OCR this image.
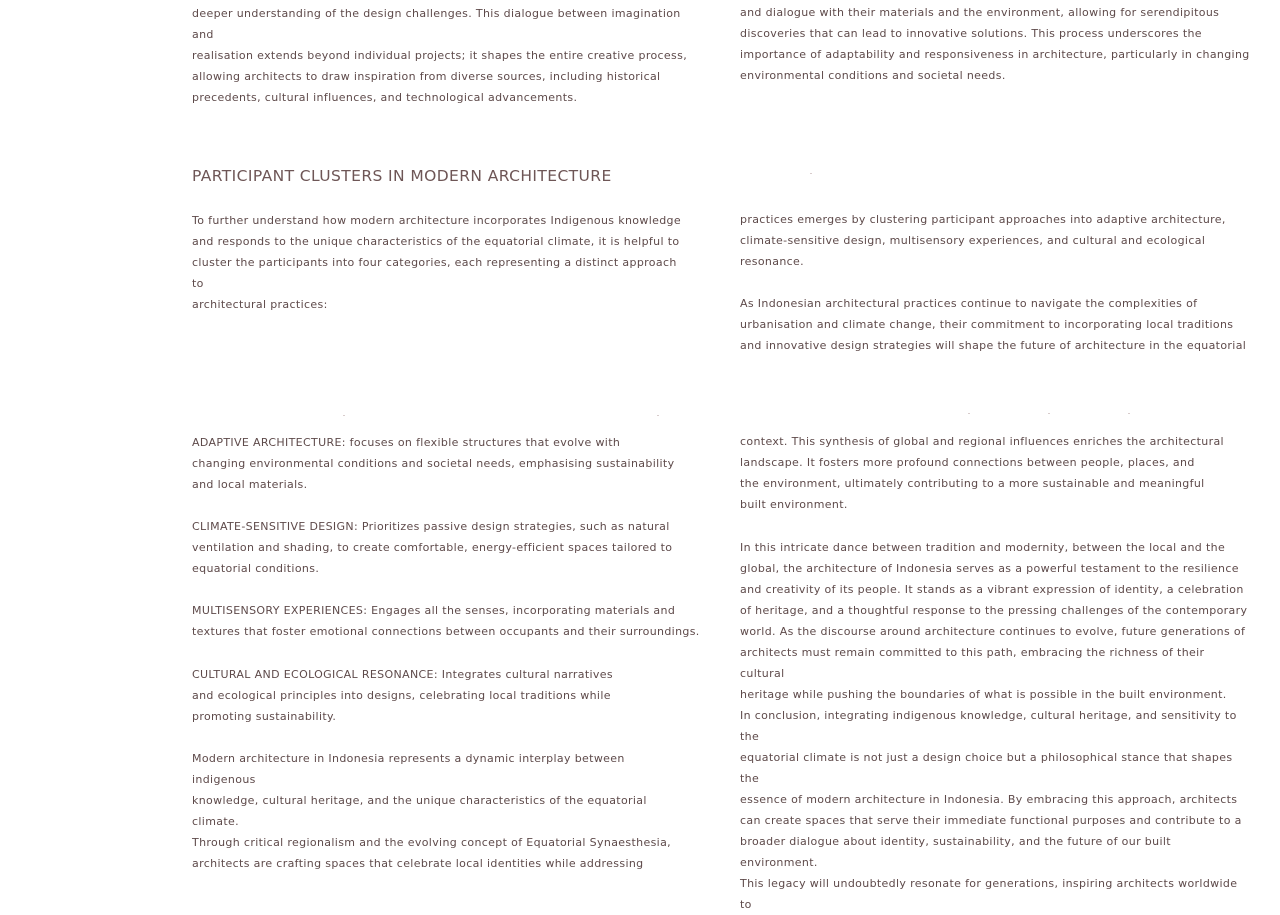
deeper understanding of the design challenges. This dialogue between imagination and
realisation extends beyond individual projects; it shapes the entire creative process,
allowing architects to draw inspiration from diverse sources, including historical
precedents, cultural influences, and technological advancements.

and dialogue with their materials and the environment, allowing for serendipitous
discoveries that can lead to innovative solutions. This process underscores the
importance of adaptability and responsiveness in architecture, particularly in changing
environmental conditions and societal needs.

PARTICIPANT CLUSTERS IN MODERN ARCHITECTURE

To further understand how modern architecture incorporates Indigenous knowledge
and responds to the unique characteristics of the equatorial climate, it is helpful to
cluster the participants into four categories, each representing a distinct approach to
architectural practices:

practices emerges by clustering participant approaches into adaptive architecture,
climate-sensitive design, multisensory experiences, and cultural and ecological
resonance.

As Indonesian architectural practices continue to navigate the complexities of
urbanisation and climate change, their commitment to incorporating local traditions
and innovative design strategies will shape the future of architecture in the equatorial

ADAPTIVE ARCHITECTURE: focuses on flexible structures that evolve with
changing environmental conditions and societal needs, emphasising sustainability
and local materials.

CLIMATE-SENSITIVE DESIGN: Prioritizes passive design strategies, such as natural
ventilation and shading, to create comfortable, energy-efficient spaces tailored to
equatorial conditions.

MULTISENSORY EXPERIENCES: Engages all the senses, incorporating materials and
textures that foster emotional connections between occupants and their surroundings.

CULTURAL AND ECOLOGICAL RESONANCE: Integrates cultural narratives
and ecological principles into designs, celebrating local traditions while
promoting sustainability.

Modern architecture in Indonesia represents a dynamic interplay between indigenous
knowledge, cultural heritage, and the unique characteristics of the equatorial climate.
Through critical regionalism and the evolving concept of Equatorial Synaesthesia,
architects are crafting spaces that celebrate local identities while addressing

context. This synthesis of global and regional influences enriches the architectural
landscape. It fosters more profound connections between people, places, and
the environment, ultimately contributing to a more sustainable and meaningful
built environment.

In this intricate dance between tradition and modernity, between the local and the
global, the architecture of Indonesia serves as a powerful testament to the resilience
and creativity of its people. It stands as a vibrant expression of identity, a celebration
of heritage, and a thoughtful response to the pressing challenges of the contemporary
world. As the discourse around architecture continues to evolve, future generations of
architects must remain committed to this path, embracing the richness of their cultural
heritage while pushing the boundaries of what is possible in the built environment.

In conclusion, integrating indigenous knowledge, cultural heritage, and sensitivity to the
equatorial climate is not just a design choice but a philosophical stance that shapes the
essence of modern architecture in Indonesia. By embracing this approach, architects
can create spaces that serve their immediate functional purposes and contribute to a
broader dialogue about identity, sustainability, and the future of our built environment.
This legacy will undoubtedly resonate for generations, inspiring architects worldwide to
